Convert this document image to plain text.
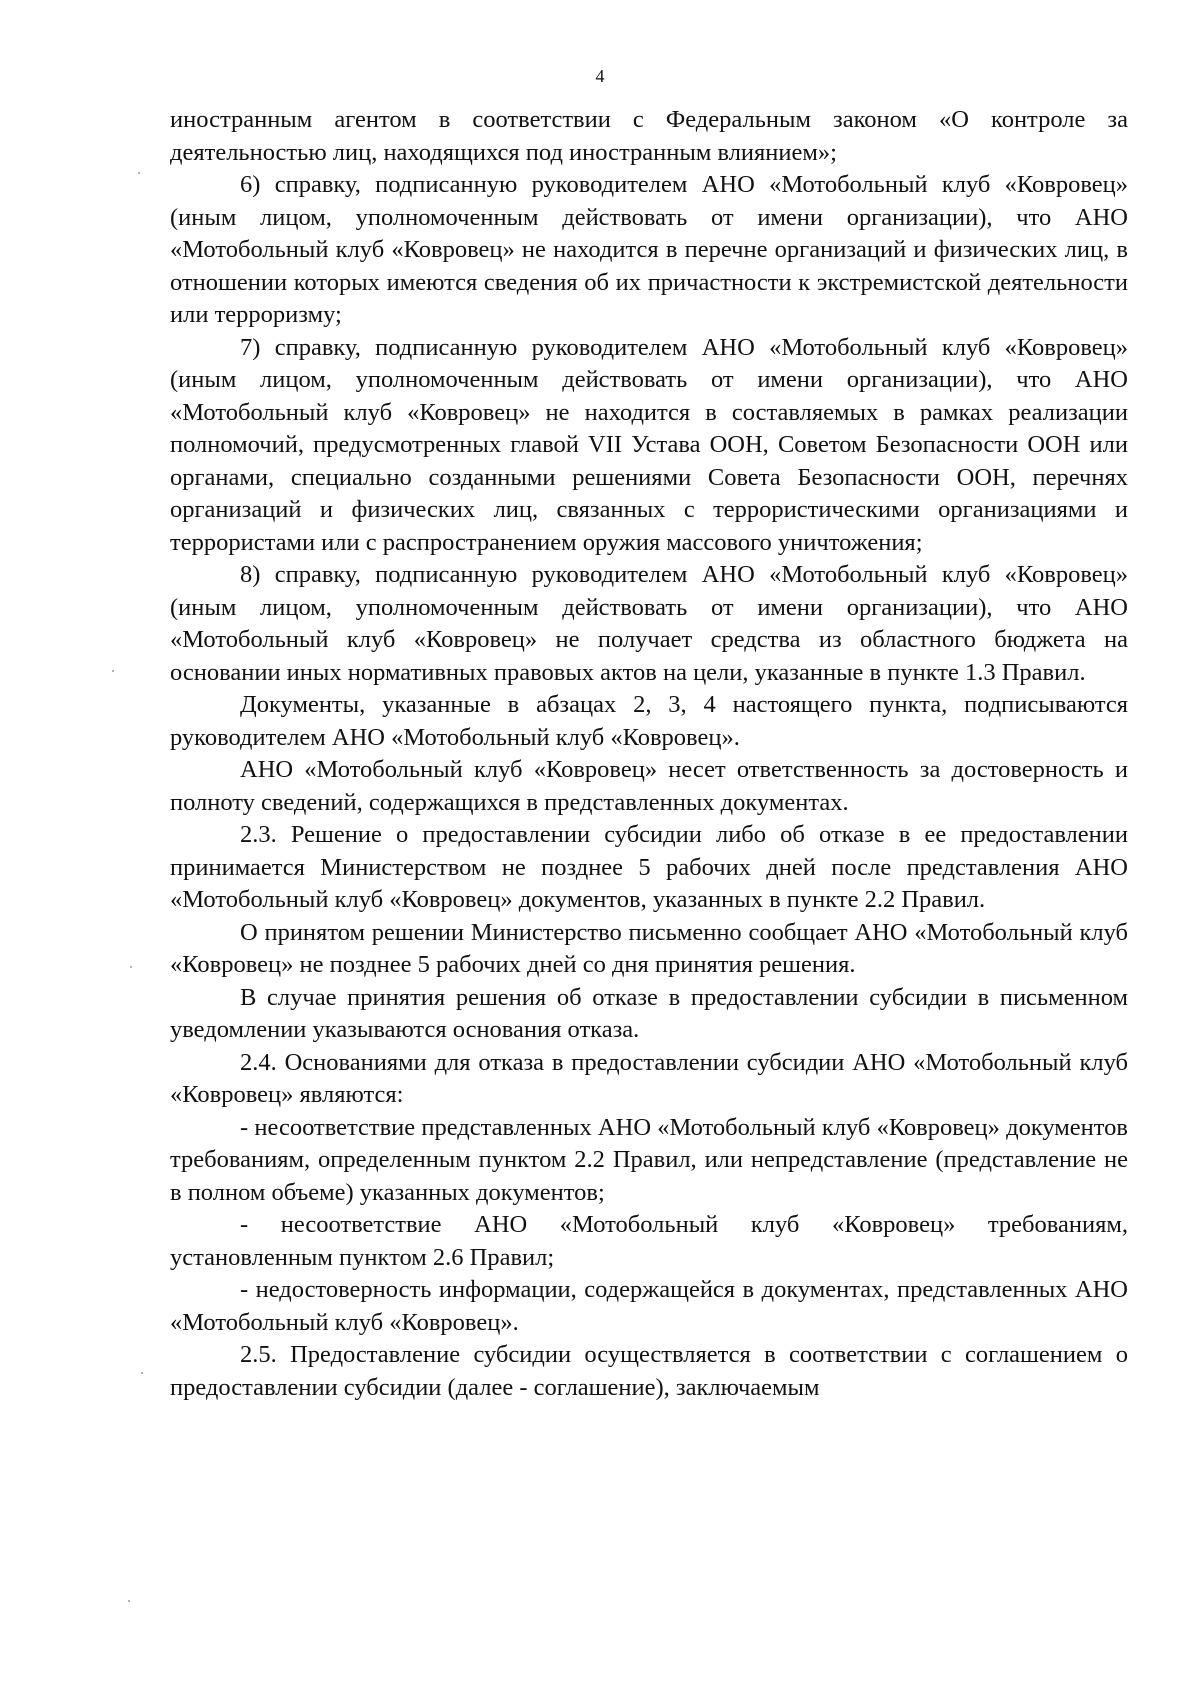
4

иностранным агентом в соответствии с Федеральным законом «О контроле за деятельностью лиц, находящихся под иностранным влиянием»;

6) справку, подписанную руководителем АНО «Мотобольный клуб «Ковровец» (иным лицом, уполномоченным действовать от имени организации), что АНО «Мотобольный клуб «Ковровец» не находится в перечне организаций и физических лиц, в отношении которых имеются сведения об их причастности к экстремистской деятельности или терроризму;

7) справку, подписанную руководителем АНО «Мотобольный клуб «Ковровец» (иным лицом, уполномоченным действовать от имени организации), что АНО «Мотобольный клуб «Ковровец» не находится в составляемых в рамках реализации полномочий, предусмотренных главой VII Устава ООН, Советом Безопасности ООН или органами, специально созданными решениями Совета Безопасности ООН, перечнях организаций и физических лиц, связанных с террористическими организациями и террористами или с распространением оружия массового уничтожения;

8) справку, подписанную руководителем АНО «Мотобольный клуб «Ковровец» (иным лицом, уполномоченным действовать от имени организации), что АНО «Мотобольный клуб «Ковровец» не получает средства из областного бюджета на основании иных нормативных правовых актов на цели, указанные в пункте 1.3 Правил.

Документы, указанные в абзацах 2, 3, 4 настоящего пункта, подписываются руководителем АНО «Мотобольный клуб «Ковровец».

АНО «Мотобольный клуб «Ковровец» несет ответственность за достоверность и полноту сведений, содержащихся в представленных документах.

2.3. Решение о предоставлении субсидии либо об отказе в ее предоставлении принимается Министерством не позднее 5 рабочих дней после представления АНО «Мотобольный клуб «Ковровец» документов, указанных в пункте 2.2 Правил.

О принятом решении Министерство письменно сообщает АНО «Мотобольный клуб «Ковровец» не позднее 5 рабочих дней со дня принятия решения.

В случае принятия решения об отказе в предоставлении субсидии в письменном уведомлении указываются основания отказа.

2.4. Основаниями для отказа в предоставлении субсидии АНО «Мотобольный клуб «Ковровец» являются:

- несоответствие представленных АНО «Мотобольный клуб «Ковровец» документов требованиям, определенным пунктом 2.2 Правил, или непредставление (представление не в полном объеме) указанных документов;

- несоответствие АНО «Мотобольный клуб «Ковровец» требованиям, установленным пунктом 2.6 Правил;

- недостоверность информации, содержащейся в документах, представленных АНО «Мотобольный клуб «Ковровец».

2.5. Предоставление субсидии осуществляется в соответствии с соглашением о предоставлении субсидии (далее - соглашение), заключаемым
